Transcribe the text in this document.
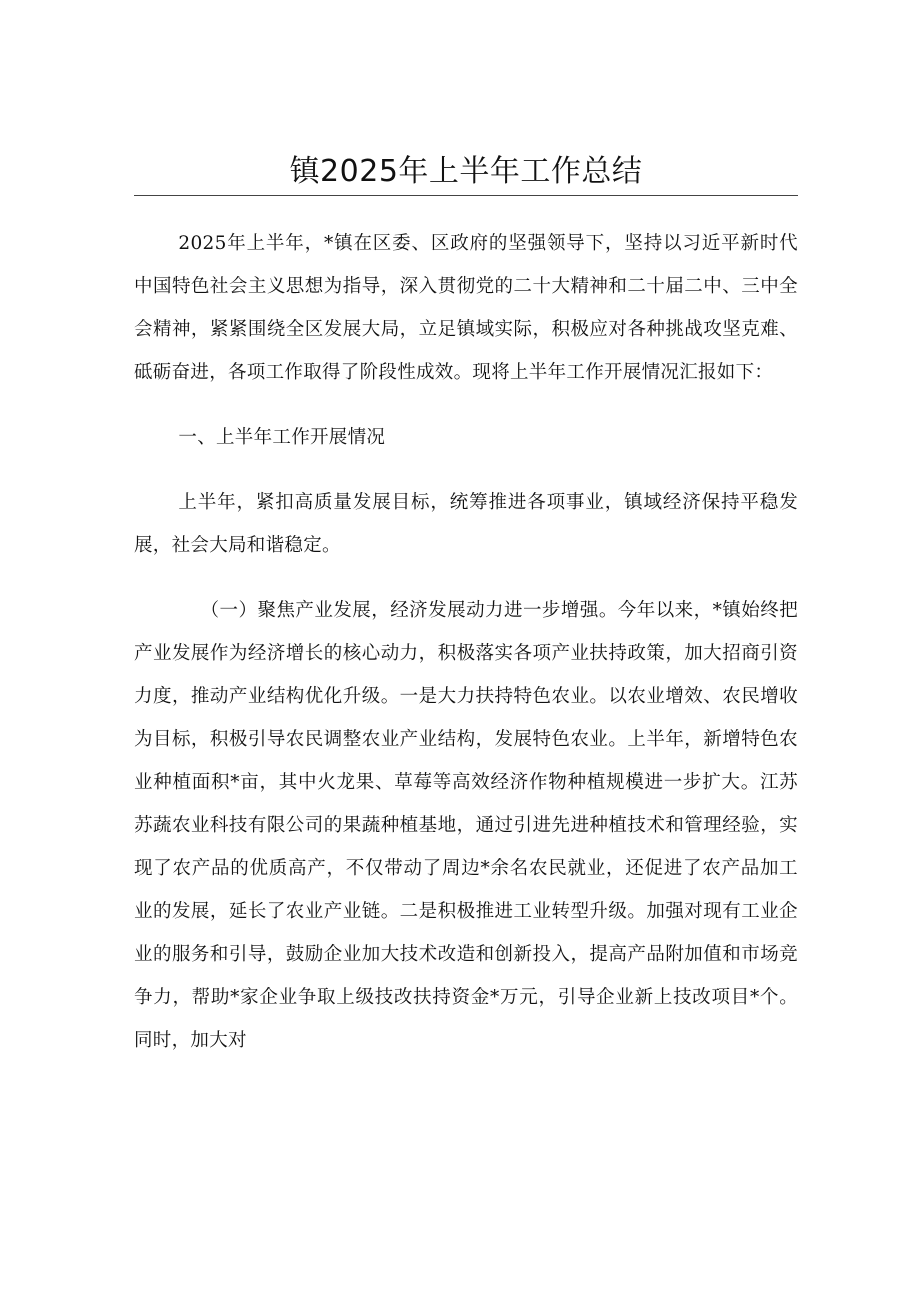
镇2025年上半年工作总结

2025年上半年，*镇在区委、区政府的坚强领导下，坚持以习近平新时代中国特色社会主义思想为指导，深入贯彻党的二十大精神和二十届二中、三中全会精神，紧紧围绕全区发展大局，立足镇域实际，积极应对各种挑战攻坚克难、砥砺奋进，各项工作取得了阶段性成效。现将上半年工作开展情况汇报如下：

一、上半年工作开展情况

上半年，紧扣高质量发展目标，统筹推进各项事业，镇域经济保持平稳发展，社会大局和谐稳定。

（一）聚焦产业发展，经济发展动力进一步增强。今年以来，*镇始终把产业发展作为经济增长的核心动力，积极落实各项产业扶持政策，加大招商引资力度，推动产业结构优化升级。一是大力扶持特色农业。以农业增效、农民增收为目标，积极引导农民调整农业产业结构，发展特色农业。上半年，新增特色农业种植面积*亩，其中火龙果、草莓等高效经济作物种植规模进一步扩大。江苏苏蔬农业科技有限公司的果蔬种植基地，通过引进先进种植技术和管理经验，实现了农产品的优质高产，不仅带动了周边*余名农民就业，还促进了农产品加工业的发展，延长了农业产业链。二是积极推进工业转型升级。加强对现有工业企业的服务和引导，鼓励企业加大技术改造和创新投入，提高产品附加值和市场竞争力，帮助*家企业争取上级技改扶持资金*万元，引导企业新上技改项目*个。同时，加大对
